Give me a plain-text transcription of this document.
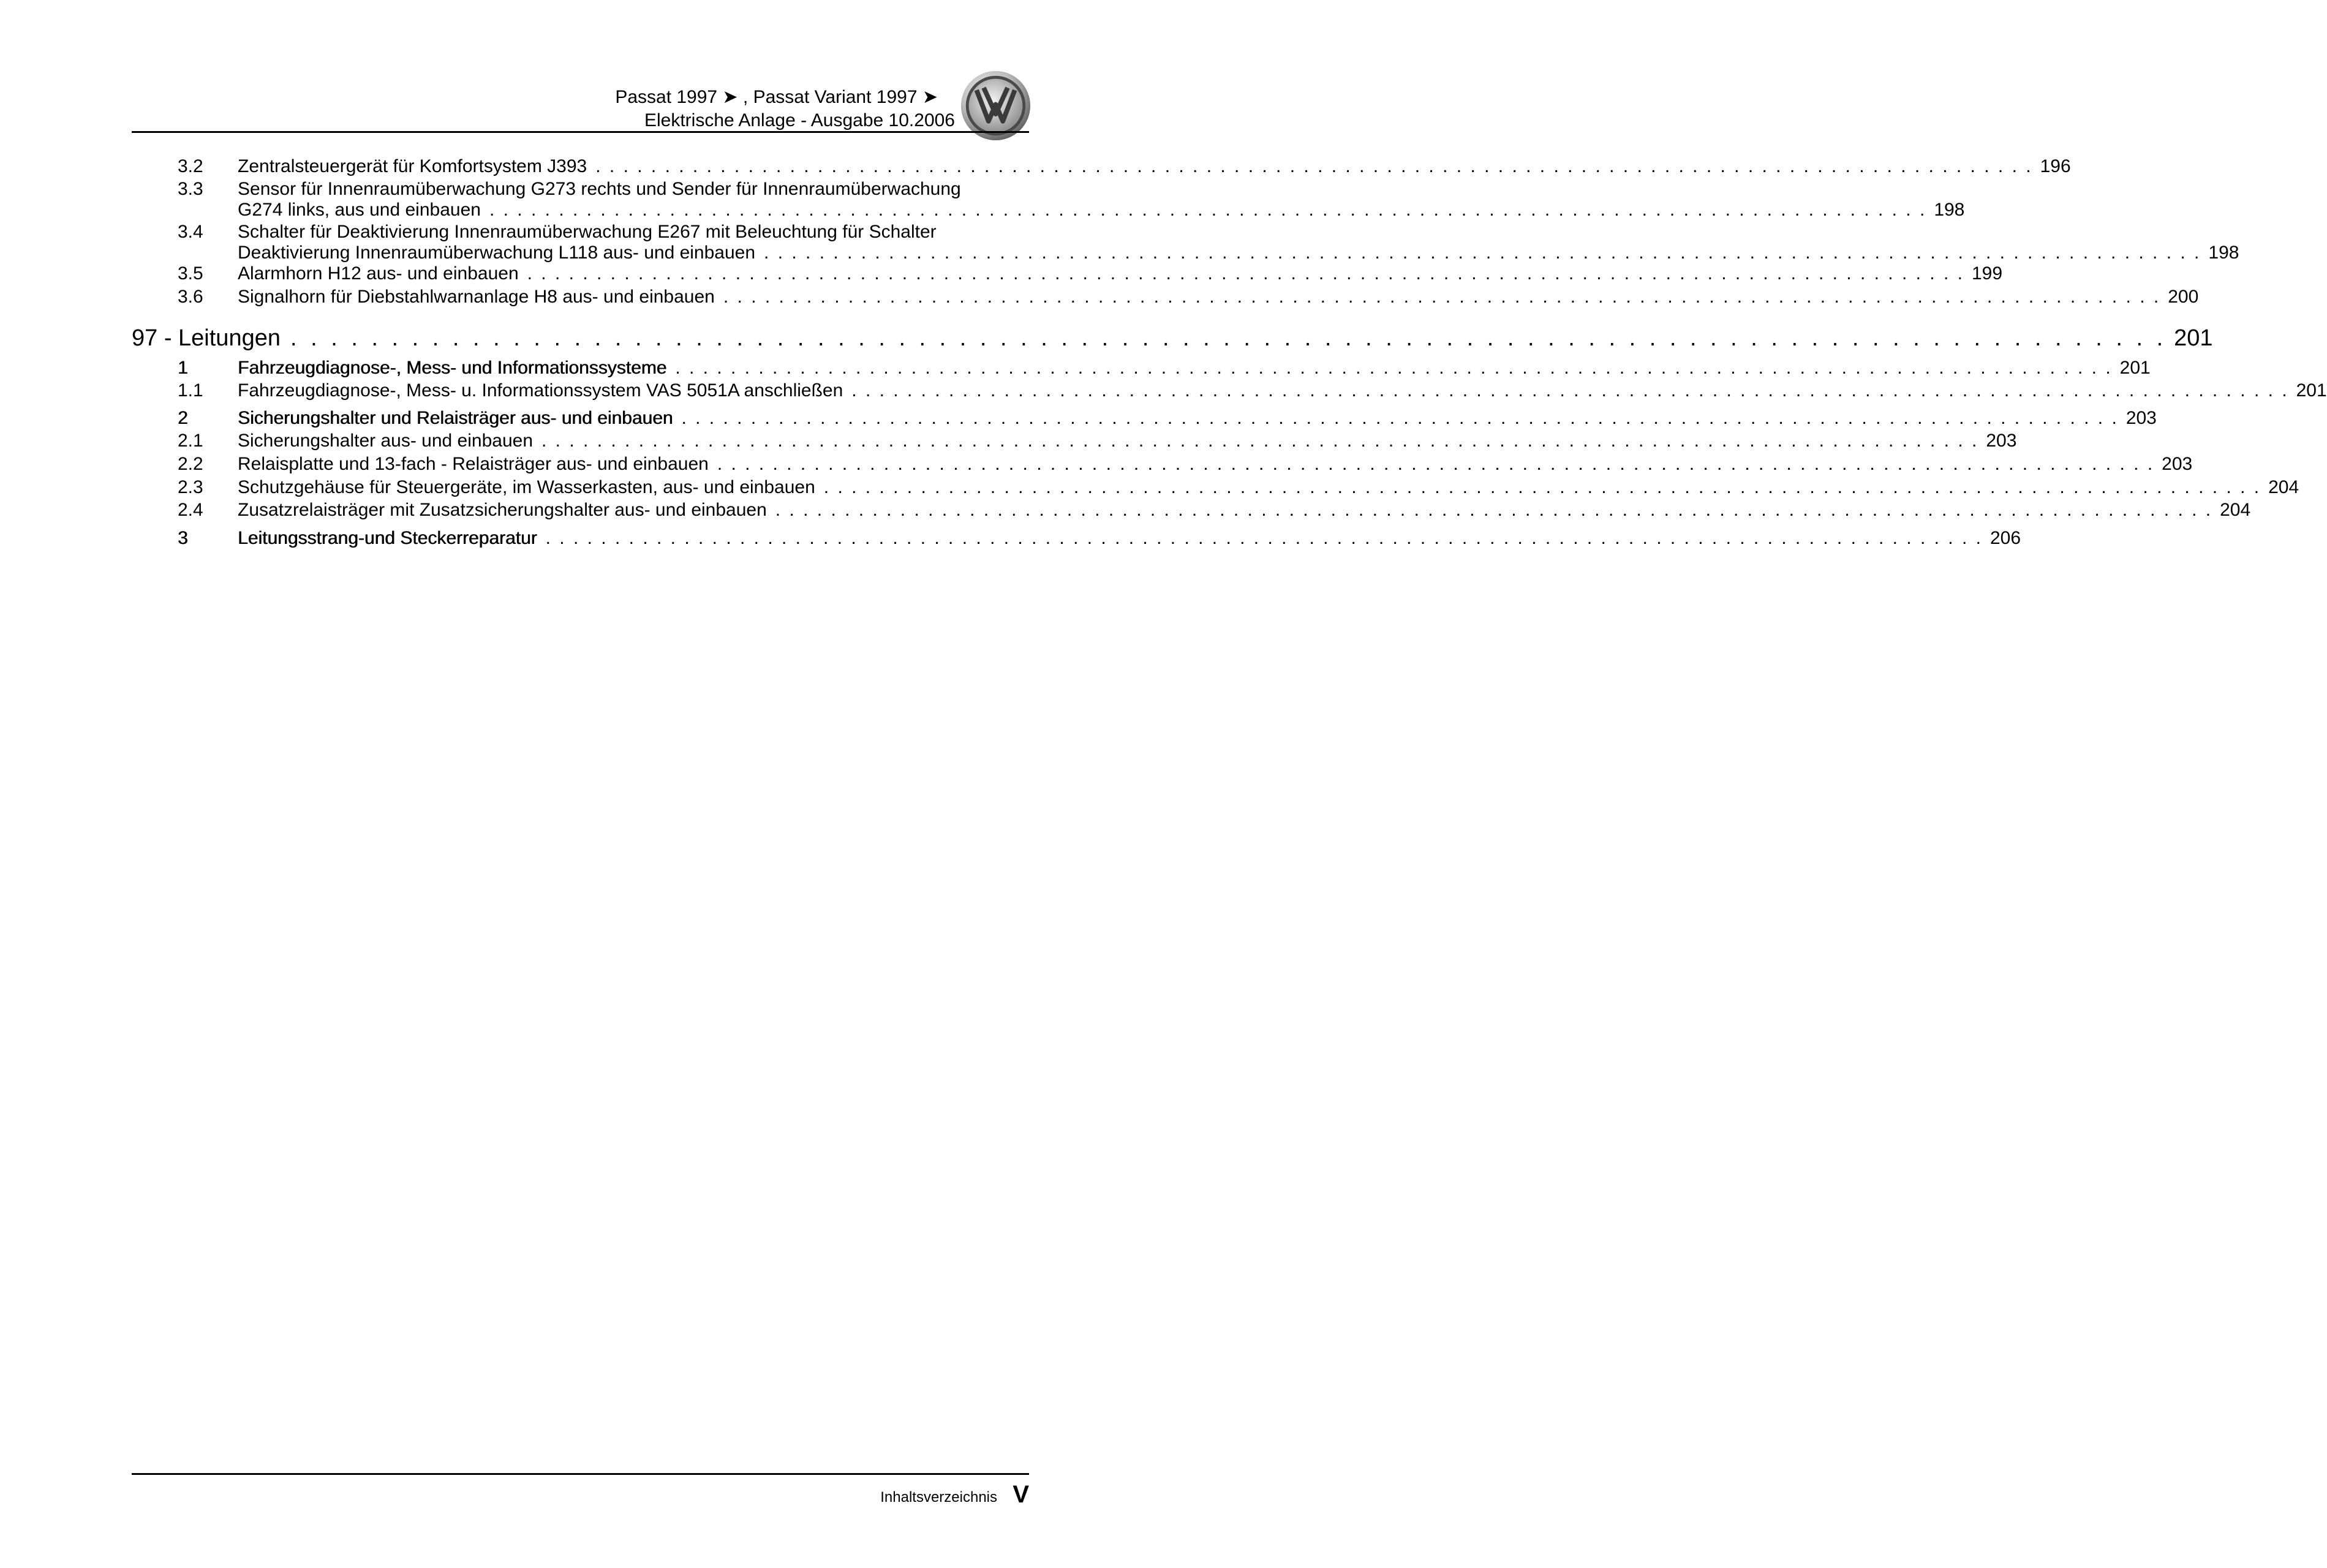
Passat 1997 ➤ , Passat Variant 1997 ➤
Elektrische Anlage - Ausgabe 10.2006
3.2	Zentralsteuergerät für Komfortsystem J393 . . . . . . . . . . . . . . . . . . . . . . . . . . . . . . . . . . . . . . . . . . . . . . . . . . . . . . . . . . . . . . . . . . . . . . . . . . . . . . . . . . . . . . . . . . . . . . . . . . . . . . . . 196
3.3	Sensor für Innenraumüberwachung G273 rechts und Sender für Innenraumüberwachung
G274 links, aus und einbauen . . . . . . . . . . . . . . . . . . . . . . . . . . . . . . . . . . . . . . . . . . . . . . . . . . . . . . . . . . . . . . . . . . . . . . . . . . . . . . . . . . . . . . . . . . . . . . . . . . . . . . . . 198
3.4	Schalter für Deaktivierung Innenraumüberwachung E267 mit Beleuchtung für Schalter
Deaktivierung Innenraumüberwachung L118 aus- und einbauen . . . . . . . . . . . . . . . . . . . . . . . . . . . . . . . . . . . . . . . . . . . . . . . . . . . . . . . . . . . . . . . . . . . . . . . . . . . . . . . . . . . . . . . . . . . . . . . . . . . . . . . . 198
3.5	Alarmhorn H12 aus- und einbauen . . . . . . . . . . . . . . . . . . . . . . . . . . . . . . . . . . . . . . . . . . . . . . . . . . . . . . . . . . . . . . . . . . . . . . . . . . . . . . . . . . . . . . . . . . . . . . . . . . . . . . . . 199
3.6	Signalhorn für Diebstahlwarnanlage H8 aus- und einbauen . . . . . . . . . . . . . . . . . . . . . . . . . . . . . . . . . . . . . . . . . . . . . . . . . . . . . . . . . . . . . . . . . . . . . . . . . . . . . . . . . . . . . . . . . . . . . . . . . . . . . . . . 200
97 - Leitungen . . . . . . . . . . . . . . . . . . . . . . . . . . . . . . . . . . . . . . . . . . . . . . . . . . . . . . . . . . . . . . . . . . . . . . . . . . . . . . . . . . . . . . . . . . . . . 201
1	Fahrzeugdiagnose-, Mess- und Informationssysteme . . . . . . . . . . . . . . . . . . . . . . . . . . . . . . . . . . . . . . . . . . . . . . . . . . . . . . . . . . . . . . . . . . . . . . . . . . . . . . . . . . . . . . . . . . . . . . . . . . . . . . . . 201
1.1	Fahrzeugdiagnose-, Mess- u. Informationssystem VAS 5051A anschließen . . . . . . . . . . . . . . . . . . . . . . . . . . . . . . . . . . . . . . . . . . . . . . . . . . . . . . . . . . . . . . . . . . . . . . . . . . . . . . . . . . . . . . . . . . . . . . . . . . . . . . . . 201
2	Sicherungshalter und Relaisträger aus- und einbauen . . . . . . . . . . . . . . . . . . . . . . . . . . . . . . . . . . . . . . . . . . . . . . . . . . . . . . . . . . . . . . . . . . . . . . . . . . . . . . . . . . . . . . . . . . . . . . . . . . . . . . . . 203
2.1	Sicherungshalter aus- und einbauen . . . . . . . . . . . . . . . . . . . . . . . . . . . . . . . . . . . . . . . . . . . . . . . . . . . . . . . . . . . . . . . . . . . . . . . . . . . . . . . . . . . . . . . . . . . . . . . . . . . . . . . . 203
2.2	Relaisplatte und 13-fach - Relaisträger aus- und einbauen . . . . . . . . . . . . . . . . . . . . . . . . . . . . . . . . . . . . . . . . . . . . . . . . . . . . . . . . . . . . . . . . . . . . . . . . . . . . . . . . . . . . . . . . . . . . . . . . . . . . . . . . 203
2.3	Schutzgehäuse für Steuergeräte, im Wasserkasten, aus- und einbauen . . . . . . . . . . . . . . . . . . . . . . . . . . . . . . . . . . . . . . . . . . . . . . . . . . . . . . . . . . . . . . . . . . . . . . . . . . . . . . . . . . . . . . . . . . . . . . . . . . . . . . . . 204
2.4	Zusatzrelaisträger mit Zusatzsicherungshalter aus- und einbauen . . . . . . . . . . . . . . . . . . . . . . . . . . . . . . . . . . . . . . . . . . . . . . . . . . . . . . . . . . . . . . . . . . . . . . . . . . . . . . . . . . . . . . . . . . . . . . . . . . . . . . . . 204
3	Leitungsstrang-und Steckerreparatur . . . . . . . . . . . . . . . . . . . . . . . . . . . . . . . . . . . . . . . . . . . . . . . . . . . . . . . . . . . . . . . . . . . . . . . . . . . . . . . . . . . . . . . . . . . . . . . . . . . . . . . . 206
Inhaltsverzeichnis V
